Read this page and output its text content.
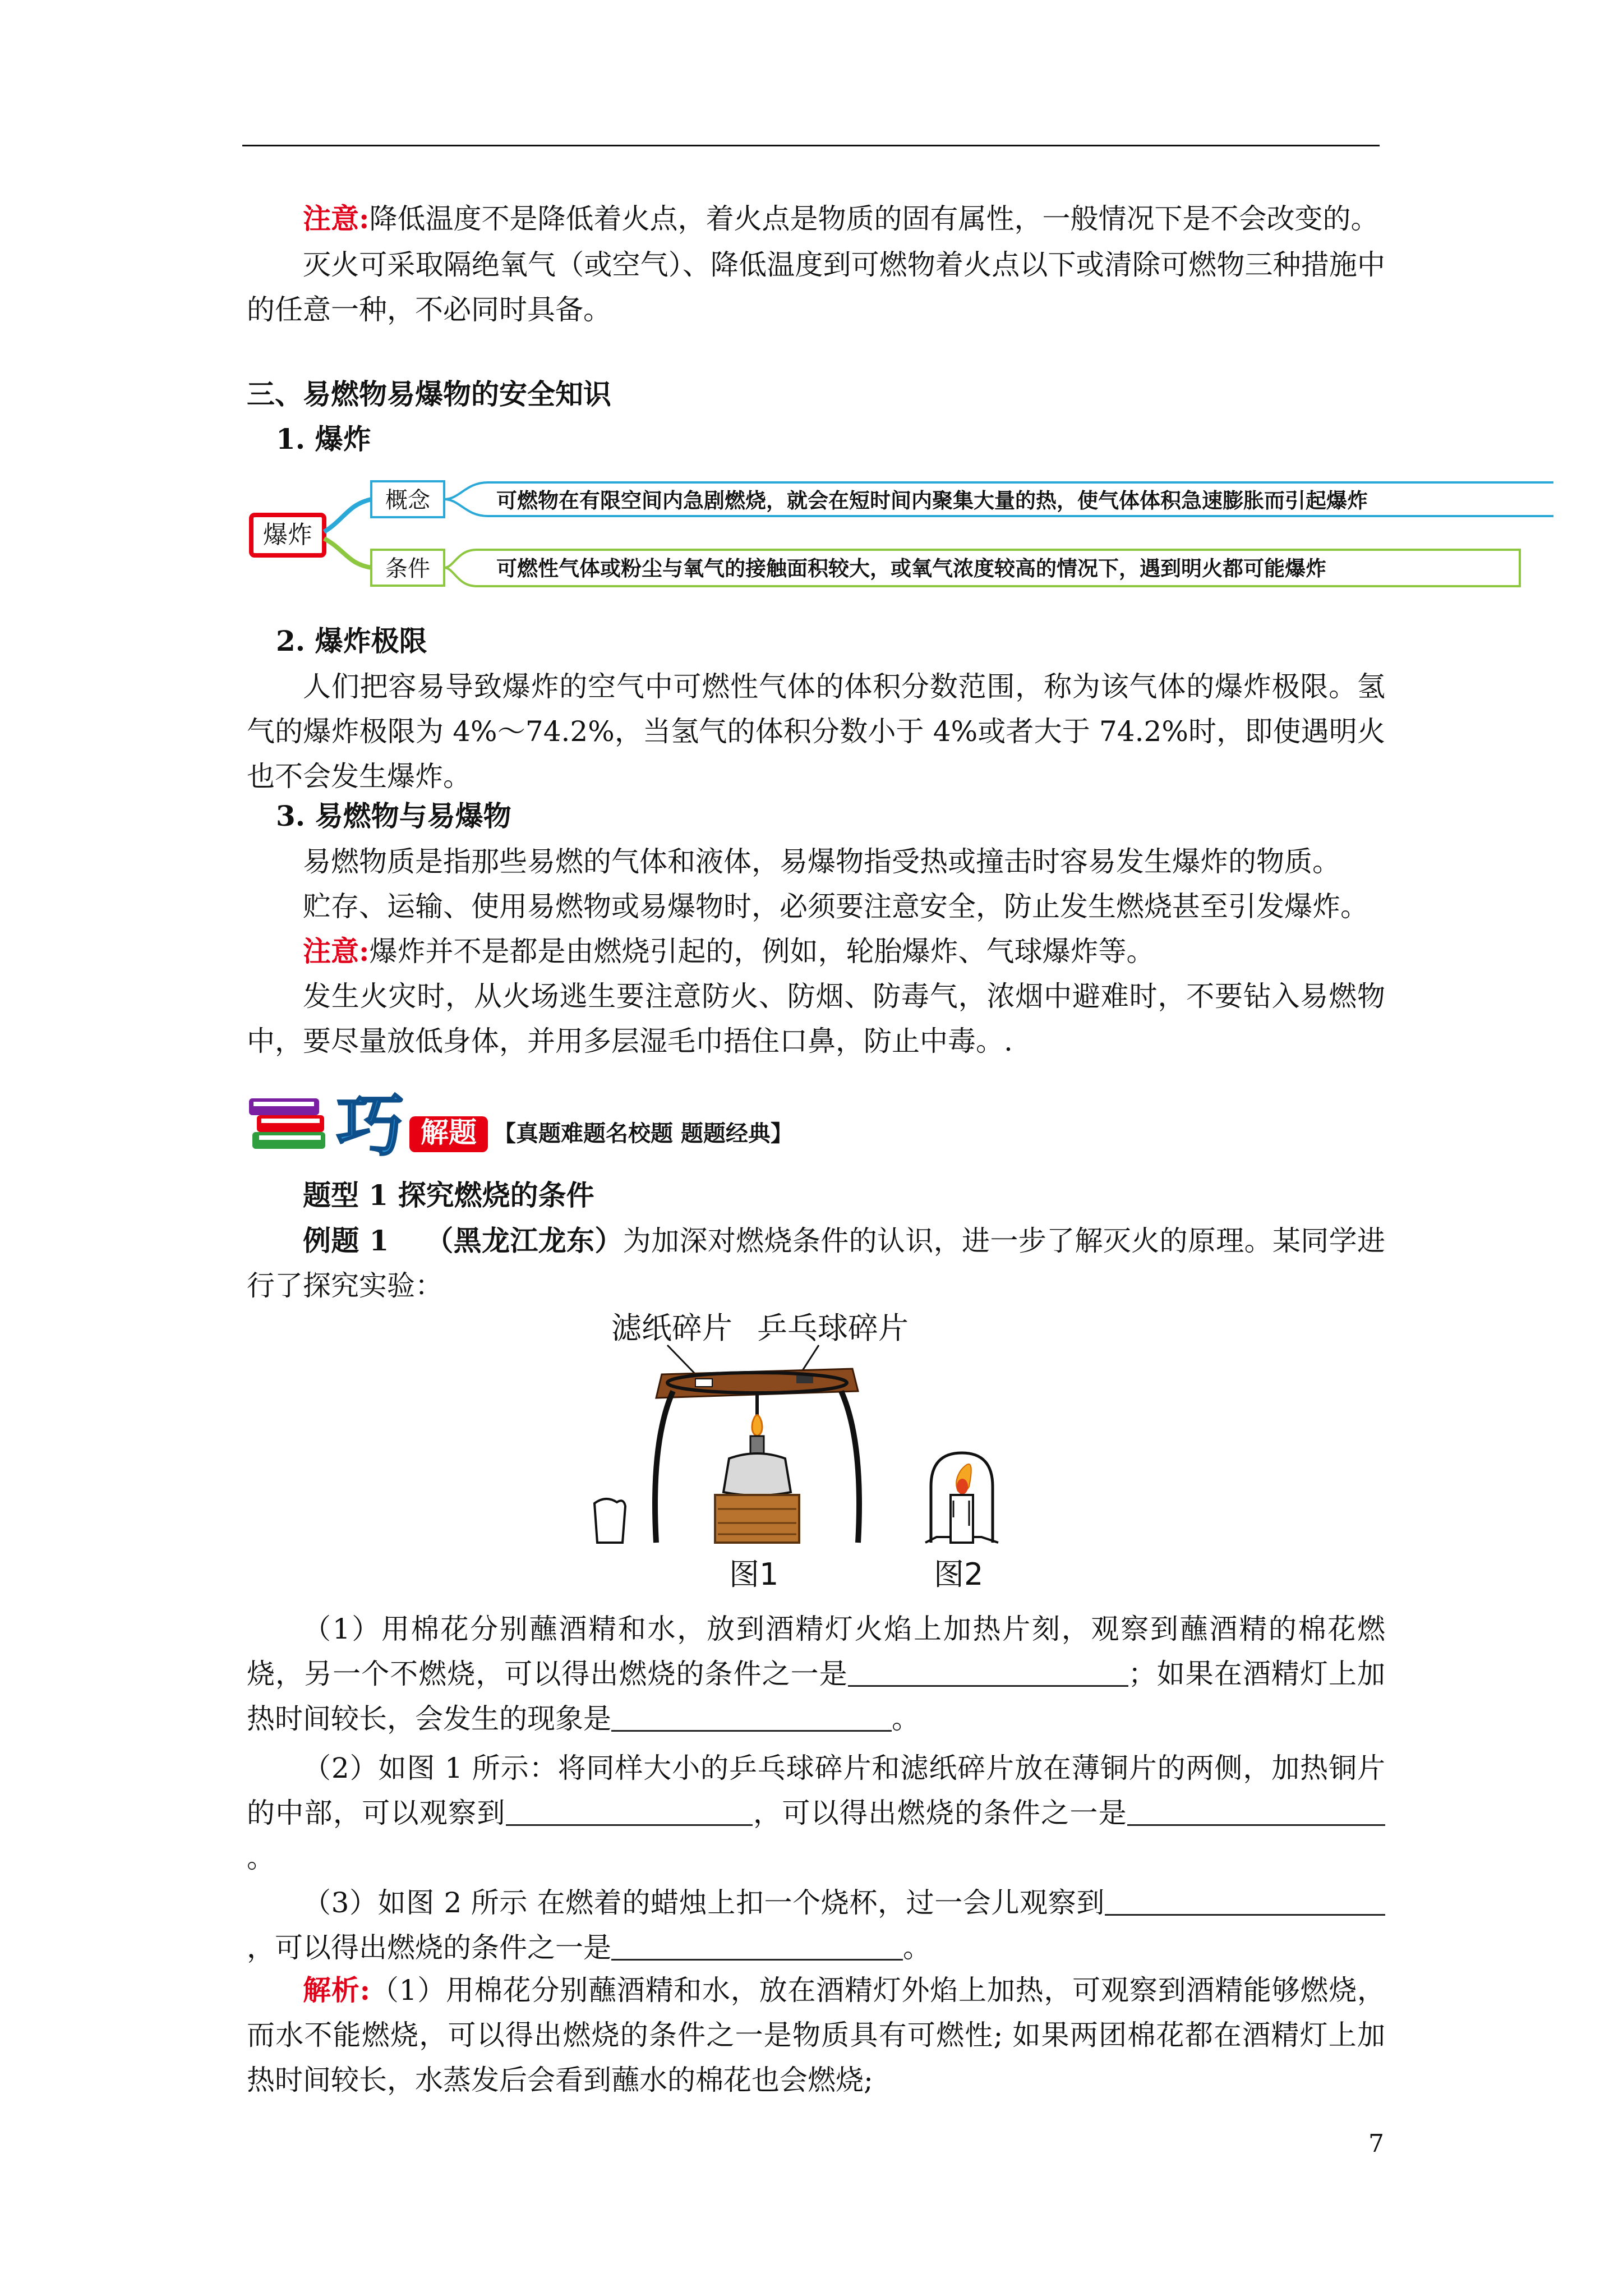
注意:降低温度不是降低着火点，着火点是物质的固有属性，一般情况下是不会改变的。
灭火可采取隔绝氧气（或空气）、降低温度到可燃物着火点以下或清除可燃物三种措施中的任意一种，不必同时具备。
三、易燃物易爆物的安全知识
1. 爆炸
爆炸
概念	可燃物在有限空间内急剧燃烧，就会在短时间内聚集大量的热，使气体体积急速膨胀而引起爆炸
条件	可燃性气体或粉尘与氧气的接触面积较大，或氧气浓度较高的情况下，遇到明火都可能爆炸
2. 爆炸极限
人们把容易导致爆炸的空气中可燃性气体的体积分数范围，称为该气体的爆炸极限。氢气的爆炸极限为 4%～74.2%，当氢气的体积分数小于 4%或者大于 74.2%时，即使遇明火也不会发生爆炸。
3. 易燃物与易爆物
易燃物质是指那些易燃的气体和液体，易爆物指受热或撞击时容易发生爆炸的物质。
贮存、运输、使用易燃物或易爆物时，必须要注意安全，防止发生燃烧甚至引发爆炸。
注意:爆炸并不是都是由燃烧引起的，例如，轮胎爆炸、气球爆炸等。
发生火灾时，从火场逃生要注意防火、防烟、防毒气，浓烟中避难时，不要钻入易燃物中，要尽量放低身体，并用多层湿毛巾捂住口鼻，防止中毒。.
巧 解题 【真题难题名校题 题题经典】
题型 1 探究燃烧的条件
例题 1 （黑龙江龙东）为加深对燃烧条件的认识，进一步了解灭火的原理。某同学进行了探究实验：
滤纸碎片 乒乓球碎片
图1	图2
（1）用棉花分别蘸酒精和水，放到酒精灯火焰上加热片刻，观察到蘸酒精的棉花燃烧，另一个不燃烧，可以得出燃烧的条件之一是	；如果在酒精灯上加热时间较长，会发生的现象是	。
（2）如图 1 所示：将同样大小的乒乓球碎片和滤纸碎片放在薄铜片的两侧，加热铜片的中部，可以观察到	，可以得出燃烧的条件之一是。
（3）如图 2 所示 在燃着的蜡烛上扣一个烧杯，过一会儿观察到，可以得出燃烧的条件之一是	。
解析:（1）用棉花分别蘸酒精和水，放在酒精灯外焰上加热，可观察到酒精能够燃烧，而水不能燃烧，可以得出燃烧的条件之一是物质具有可燃性; 如果两团棉花都在酒精灯上加热时间较长，水蒸发后会看到蘸水的棉花也会燃烧;
7
